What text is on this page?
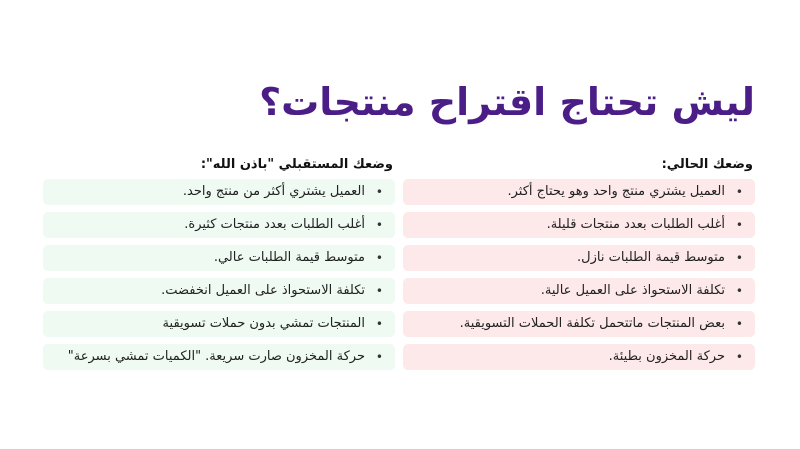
ليش تحتاج اقتراح منتجات؟
وضعك الحالي:
•
العميل يشتري منتج واحد وهو يحتاج أكثر.
•
أغلب الطلبات بعدد منتجات قليلة.
•
متوسط قيمة الطلبات نازل.
•
تكلفة الاستحواذ على العميل عالية.
•
بعض المنتجات ماتتحمل تكلفة الحملات التسويقية.
•
حركة المخزون بطيئة.
وضعك المستقبلي "باذن الله":
•
العميل يشتري أكثر من منتج واحد.
•
أغلب الطلبات بعدد منتجات كثيرة.
•
متوسط قيمة الطلبات عالي.
•
تكلفة الاستحواذ على العميل انخفضت.
•
المنتجات تمشي بدون حملات تسويقية
•
حركة المخزون صارت سريعة. "الكميات تمشي بسرعة"
